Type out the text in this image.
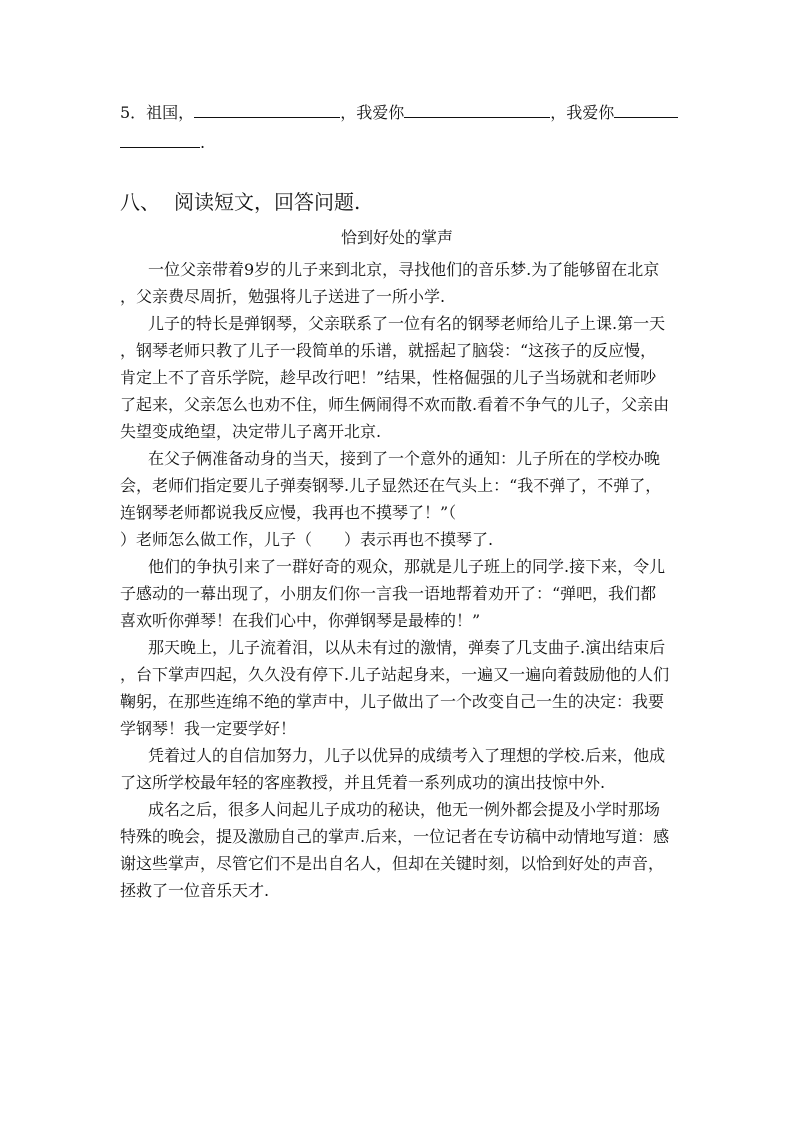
5．祖国，	，我爱你	，我爱你
.
八、 阅读短文，回答问题.
恰到好处的掌声

一位父亲带着9岁的儿子来到北京，寻找他们的音乐梦.为了能够留在北京

，父亲费尽周折，勉强将儿子送进了一所小学.

儿子的特长是弹钢琴，父亲联系了一位有名的钢琴老师给儿子上课.第一天

，钢琴老师只教了儿子一段简单的乐谱，就摇起了脑袋：“这孩子的反应慢，

肯定上不了音乐学院，趁早改行吧！”结果，性格倔强的儿子当场就和老师吵

了起来，父亲怎么也劝不住，师生俩闹得不欢而散.看着不争气的儿子，父亲由

失望变成绝望，决定带儿子离开北京.

在父子俩准备动身的当天，接到了一个意外的通知：儿子所在的学校办晚

会，老师们指定要儿子弹奏钢琴.儿子显然还在气头上：“我不弹了，不弹了，

连钢琴老师都说我反应慢，我再也不摸琴了！”（

）老师怎么做工作，儿子（　　）表示再也不摸琴了.

他们的争执引来了一群好奇的观众，那就是儿子班上的同学.接下来，令儿

子感动的一幕出现了，小朋友们你一言我一语地帮着劝开了：“弹吧，我们都

喜欢听你弹琴！在我们心中，你弹钢琴是最棒的！”

那天晚上，儿子流着泪，以从未有过的激情，弹奏了几支曲子.演出结束后

，台下掌声四起，久久没有停下.儿子站起身来，一遍又一遍向着鼓励他的人们

鞠躬，在那些连绵不绝的掌声中，儿子做出了一个改变自己一生的决定：我要

学钢琴！我一定要学好！

凭着过人的自信加努力，儿子以优异的成绩考入了理想的学校.后来，他成

了这所学校最年轻的客座教授，并且凭着一系列成功的演出技惊中外.

成名之后，很多人问起儿子成功的秘诀，他无一例外都会提及小学时那场

特殊的晚会，提及激励自己的掌声.后来，一位记者在专访稿中动情地写道：感

谢这些掌声，尽管它们不是出自名人，但却在关键时刻，以恰到好处的声音，

拯救了一位音乐天才.
